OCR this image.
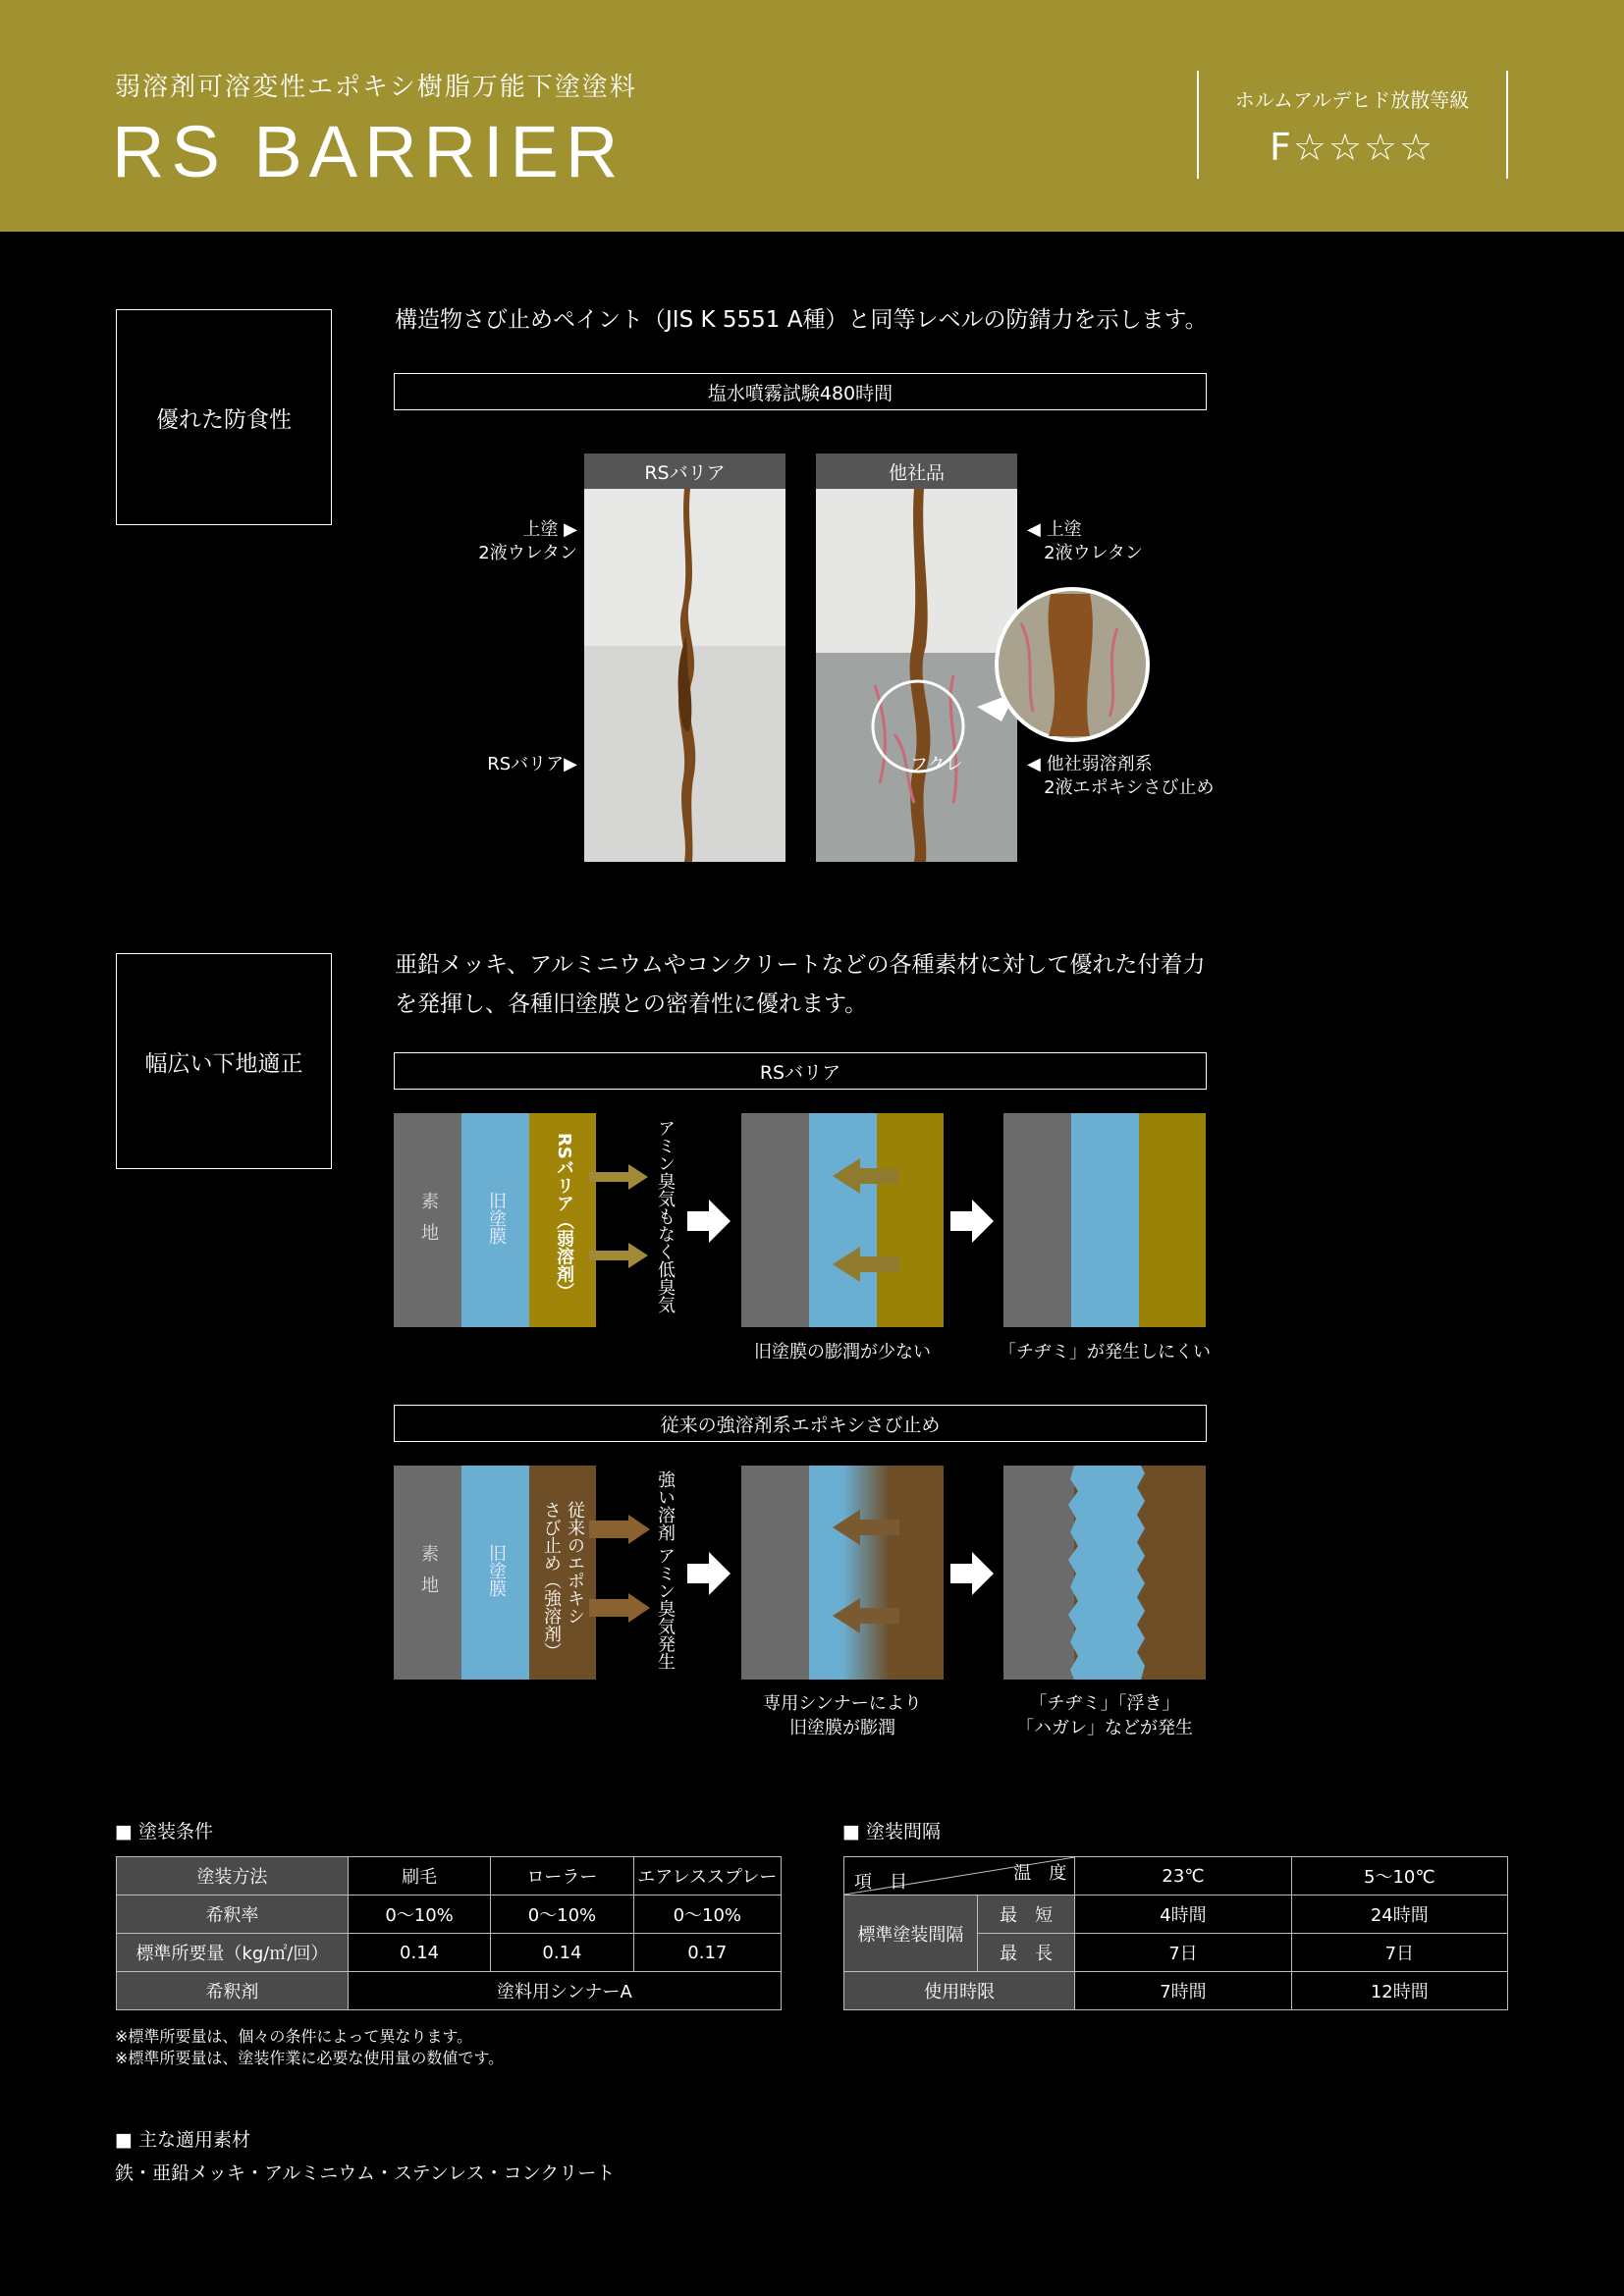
弱溶剤可溶変性エポキシ樹脂万能下塗塗料
RS BARRIER
ホルムアルデヒド放散等級
F☆☆☆☆
優れた防食性
構造物さび止めペイント（JIS K 5551 A種）と同等レベルの防錆力を示します。
塩水噴霧試験480時間
RSバリア	他社品
フクレ
上塗 ▶
2液ウレタン
RSバリア▶
◀ 上塗
2液ウレタン
◀ 他社弱溶剤系
2液エポキシさび止め
幅広い下地適正
亜鉛メッキ、アルミニウムやコンクリートなどの各種素材に対して優れた付着力
を発揮し、各種旧塗膜との密着性に優れます。
RSバリア
素地	旧塗膜	RSバリア（弱溶剤）	アミン臭気もなく低臭気
旧塗膜の膨潤が少ない	「チヂミ」が発生しにくい
従来の強溶剤系エポキシさび止め
素地	旧塗膜	従来のエポキシ
さび止め（強溶剤）	強い溶剤 アミン臭気発生
専用シンナーにより
旧塗膜が膨潤
「チヂミ」「浮き」
「ハガレ」などが発生
■ 塗装条件
塗装方法	刷毛	ローラー	エアレススプレー
希釈率	0〜10%	0〜10%	0〜10%
標準所要量（kg/㎡/回）	0.14	0.14	0.17
希釈剤	塗料用シンナーA		
※標準所要量は、個々の条件によって異なります。
※標準所要量は、塗装作業に必要な使用量の数値です。
■ 塗装間隔
温　度
項　目		23℃	5〜10℃
標準塗装間隔	最　短	4時間	24時間
	最　長	7日	7日
使用時限		7時間	12時間
■ 主な適用素材
鉄・亜鉛メッキ・アルミニウム・ステンレス・コンクリート
